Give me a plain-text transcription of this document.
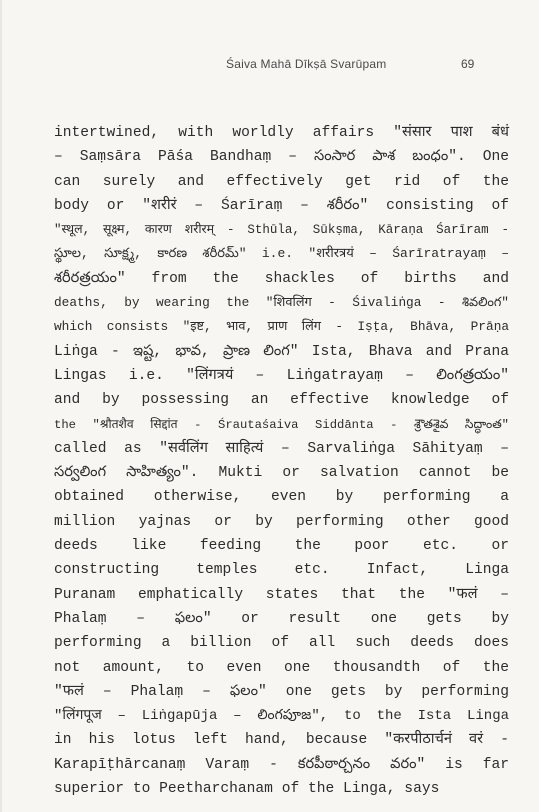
Śaiva Mahā Dīkṣā Svarūpam	69
intertwined, with worldly affairs "संसार पाश बंधं
– Saṃsāra Pāśa Bandhaṃ – సంసార పాశ బంధం". One
can surely and effectively get rid of the
body or "शरीरं – Śarīraṃ – శరీరం" consisting of
"स्थूल, सूक्ष्म, कारण शरीरम् - Sthūla, Sūkṣma, Kāraṇa Śarīram -
స్థూల, సూక్ష్మ, కారణ శరీరమ్" i.e. "शरीरत्रयं – Śarīratrayaṃ –
శరీరత్రయం" from the shackles of births and
deaths, by wearing the "शिवलिंग - Śivaliṅga - శివలింగ"
which consists "इष्ट, भाव, प्राण लिंग - Iṣṭa, Bhāva, Prāṇa
Liṅga - ఇష్ట, భావ, ప్రాణ లింగ" Ista, Bhava and Prana
Lingas i.e. "लिंगत्रयं – Liṅgatrayaṃ – లింగత్రయం"
and by possessing an effective knowledge of
the "श्रौतशैव सिद्दांत - Śrautaśaiva Siddānta - శ్రౌతశైవ సిద్ధాంత"
called as "सर्वलिंग साहित्यं – Sarvaliṅga Sāhityaṃ –
సర్వలింగ సాహిత్యం". Mukti or salvation cannot be
obtained otherwise, even by performing a
million yajnas or by performing other good
deeds like feeding the poor etc. or
constructing temples etc. Infact, Linga
Puranam emphatically states that the "फलं –
Phalaṃ – ఫలం" or result one gets by
performing a billion of all such deeds does
not amount, to even one thousandth of the
"फलं – Phalaṃ – ఫలం" one gets by performing
"लिंगपूज – Liṅgapūja – లింగపూజ", to the Ista Linga
in his lotus left hand, because "करपीठार्चनं वरं -
Karapīṭhārcanaṃ Varaṃ - కరపీఠార్చనం వరం" is far
superior to Peetharchanam of the Linga, says
